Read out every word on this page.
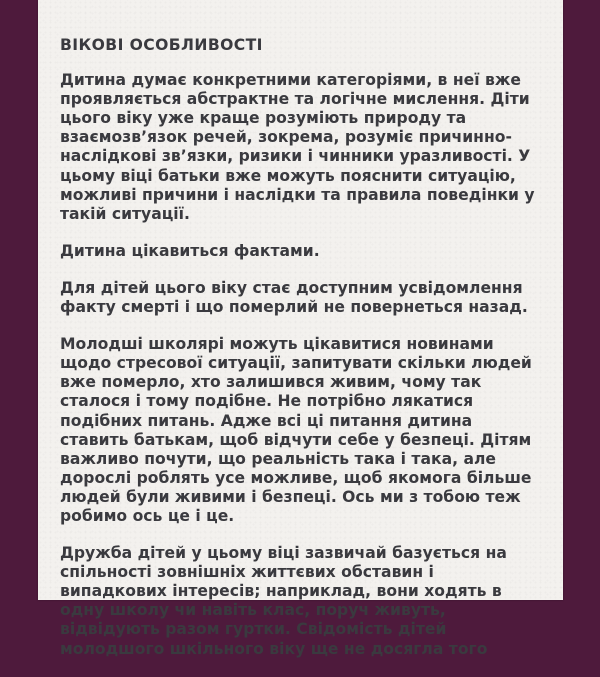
ВІКОВІ ОСОБЛИВОСТІ

Дитина думає конкретними категоріями, в неї вже проявляється абстрактне та логічне мислення. Діти цього віку уже краще розуміють природу та взаємозв’язок речей, зокрема, розуміє причинно-наслідкові зв’язки, ризики і чинники уразливості. У цьому віці батьки вже можуть пояснити ситуацію, можливі причини і наслідки та правила поведінки у такій ситуації.

Дитина цікавиться фактами.

Для дітей цього віку стає доступним усвідомлення факту смерті і що померлий не повернеться назад.

Молодші школярі можуть цікавитися новинами щодо стресової ситуації, запитувати скільки людей вже померло, хто залишився живим, чому так сталося і тому подібне. Не потрібно лякатися подібних питань. Адже всі ці питання дитина ставить батькам, щоб відчути себе у безпеці. Дітям важливо почути, що реальність така і така, але дорослі роблять усе можливе, щоб якомога більше людей були живими і безпеці. Ось ми з тобою теж робимо ось це і це.

Дружба дітей у цьому віці зазвичай базується на спільності зовнішніх життєвих обставин і випадкових інтересів; наприклад, вони ходять в одну школу чи навіть клас, поруч живуть, відвідують разом гуртки. Свідомість дітей молодшого шкільного віку ще не досягла того
